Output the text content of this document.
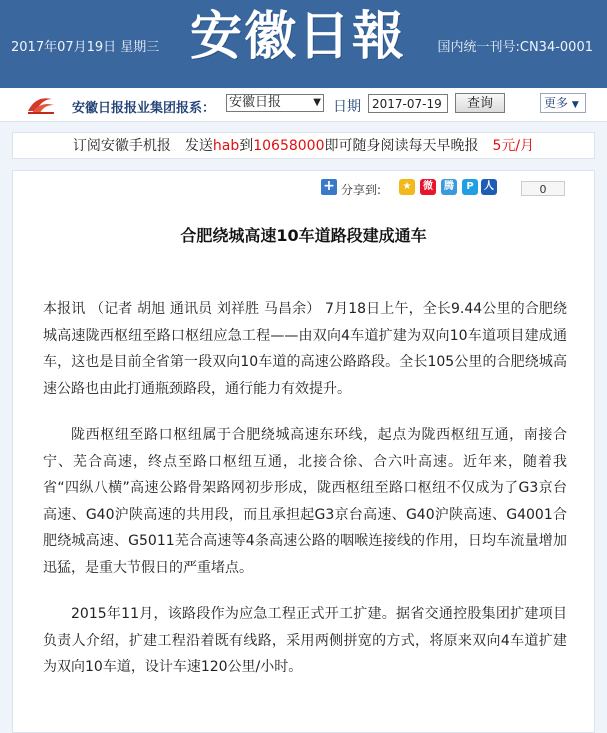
2017年07月19日 星期三 安徽日報	国内统一刊号:CN34-0001
安徽日报报业集团报系： 安徽日报	▼ 日期 2017-07-19	查询	更多 ▼
订阅安徽手机报　发送hab到10658000即可随身阅读每天早晚报　5元/月
+ 分享到:	★	微	腾	P	人	0
合肥绕城高速10车道路段建成通车

本报讯 （记者 胡旭 通讯员 刘祥胜 马昌余） 7月18日上午，全长9.44公里的合肥绕城高速陇西枢纽至路口枢纽应急工程——由双向4车道扩建为双向10车道项目建成通车，这也是目前全省第一段双向10车道的高速公路路段。全长105公里的合肥绕城高速公路也由此打通瓶颈路段，通行能力有效提升。

陇西枢纽至路口枢纽属于合肥绕城高速东环线，起点为陇西枢纽互通，南接合宁、芜合高速，终点至路口枢纽互通，北接合徐、合六叶高速。近年来，随着我省“四纵八横”高速公路骨架路网初步形成，陇西枢纽至路口枢纽不仅成为了G3京台高速、G40沪陕高速的共用段，而且承担起G3京台高速、G40沪陕高速、G4001合肥绕城高速、G5011芜合高速等4条高速公路的咽喉连接线的作用，日均车流量增加迅猛，是重大节假日的严重堵点。

2015年11月，该路段作为应急工程正式开工扩建。据省交通控股集团扩建项目负责人介绍，扩建工程沿着既有线路，采用两侧拼宽的方式，将原来双向4车道扩建为双向10车道，设计车速120公里/小时。
